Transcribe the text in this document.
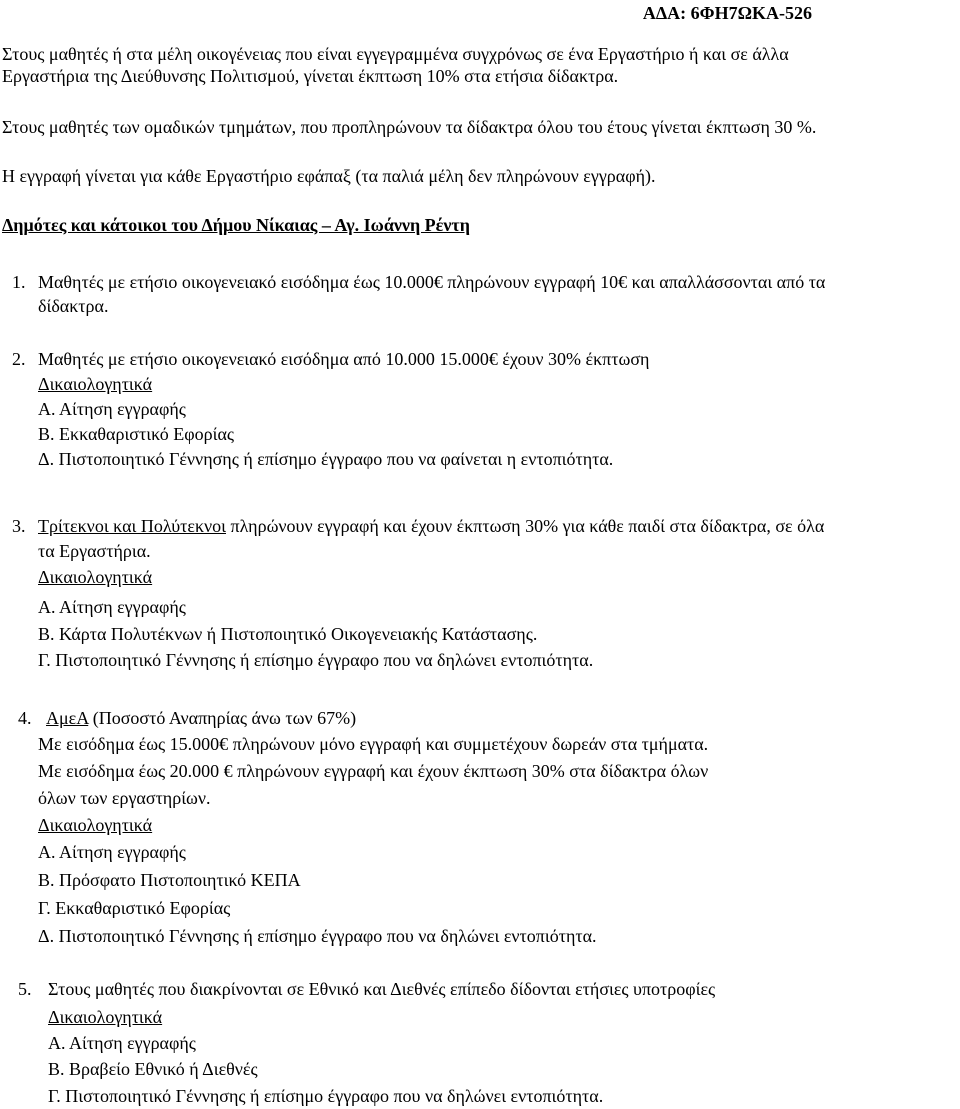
ΑΔΑ: 6ΦΗ7ΩΚΑ-526
Στους μαθητές ή στα μέλη οικογένειας που είναι εγγεγραμμένα συγχρόνως σε ένα Εργαστήριο ή και σε άλλα
Εργαστήρια της Διεύθυνσης Πολιτισμού, γίνεται έκπτωση 10% στα ετήσια δίδακτρα.
Στους μαθητές των ομαδικών τμημάτων, που προπληρώνουν τα δίδακτρα όλου του έτους γίνεται έκπτωση 30 %.
Η εγγραφή γίνεται για κάθε Εργαστήριο εφάπαξ (τα παλιά μέλη δεν πληρώνουν εγγραφή).
Δημότες και κάτοικοι του Δήμου Νίκαιας – Αγ. Ιωάννη Ρέντη
1. Μαθητές με ετήσιο οικογενειακό εισόδημα έως 10.000€ πληρώνουν εγγραφή 10€ και απαλλάσσονται από τα
δίδακτρα.
2. Μαθητές με ετήσιο οικογενειακό εισόδημα από 10.000 15.000€ έχουν 30% έκπτωση
Δικαιολογητικά
Α. Αίτηση εγγραφής
Β. Εκκαθαριστικό Εφορίας
Δ. Πιστοποιητικό Γέννησης ή επίσημο έγγραφο που να φαίνεται η εντοπιότητα.
3. Τρίτεκνοι και Πολύτεκνοι πληρώνουν εγγραφή και έχουν έκπτωση 30% για κάθε παιδί στα δίδακτρα, σε όλα
τα Εργαστήρια.
Δικαιολογητικά
Α. Αίτηση εγγραφής
Β. Κάρτα Πολυτέκνων ή Πιστοποιητικό Οικογενειακής Κατάστασης.
Γ. Πιστοποιητικό Γέννησης ή επίσημο έγγραφο που να δηλώνει εντοπιότητα.
4. ΑμεΑ (Ποσοστό Αναπηρίας άνω των 67%)
Με εισόδημα έως 15.000€ πληρώνουν μόνο εγγραφή και συμμετέχουν δωρεάν στα τμήματα.
Με εισόδημα έως 20.000 € πληρώνουν εγγραφή και έχουν έκπτωση 30% στα δίδακτρα όλων
όλων των εργαστηρίων.
Δικαιολογητικά
Α. Αίτηση εγγραφής
Β. Πρόσφατο Πιστοποιητικό ΚΕΠΑ
Γ. Εκκαθαριστικό Εφορίας
Δ. Πιστοποιητικό Γέννησης ή επίσημο έγγραφο που να δηλώνει εντοπιότητα.
5. Στους μαθητές που διακρίνονται σε Εθνικό και Διεθνές επίπεδο δίδονται ετήσιες υποτροφίες
Δικαιολογητικά
Α. Αίτηση εγγραφής
Β. Βραβείο Εθνικό ή Διεθνές
Γ. Πιστοποιητικό Γέννησης ή επίσημο έγγραφο που να δηλώνει εντοπιότητα.
